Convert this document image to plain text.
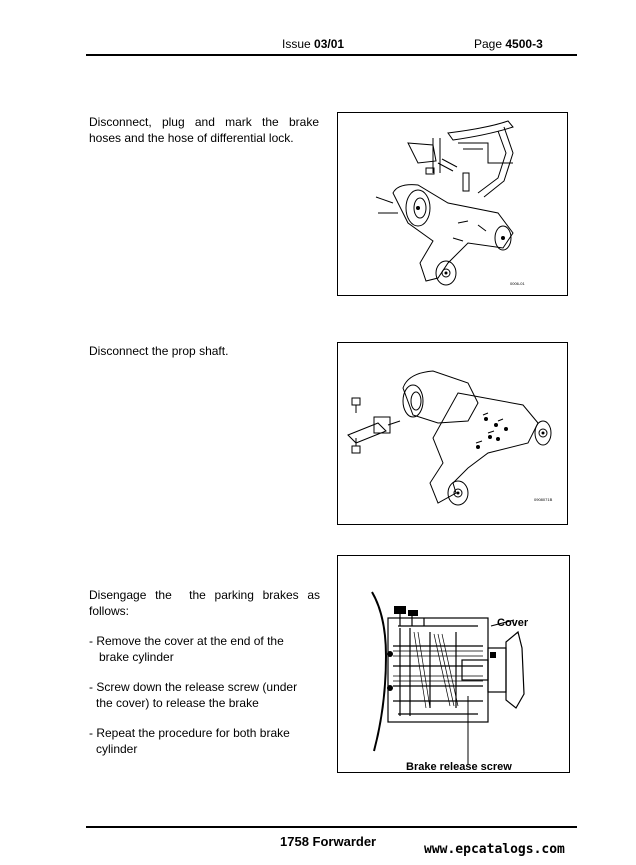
Issue 03/01	Page 4500-3
Disconnect, plug and mark the brake
hoses and the hose of differential lock.
0006-01
Disconnect the prop shaft.
0908071B
Disengage the  the parking brakes as
follows:
- Remove the cover at the end of the
brake cylinder
- Screw down the release screw (under
the cover) to release the brake
- Repeat the procedure for both brake
cylinder
Cover
Brake release screw
1758 Forwarder
www.epcatalogs.com
